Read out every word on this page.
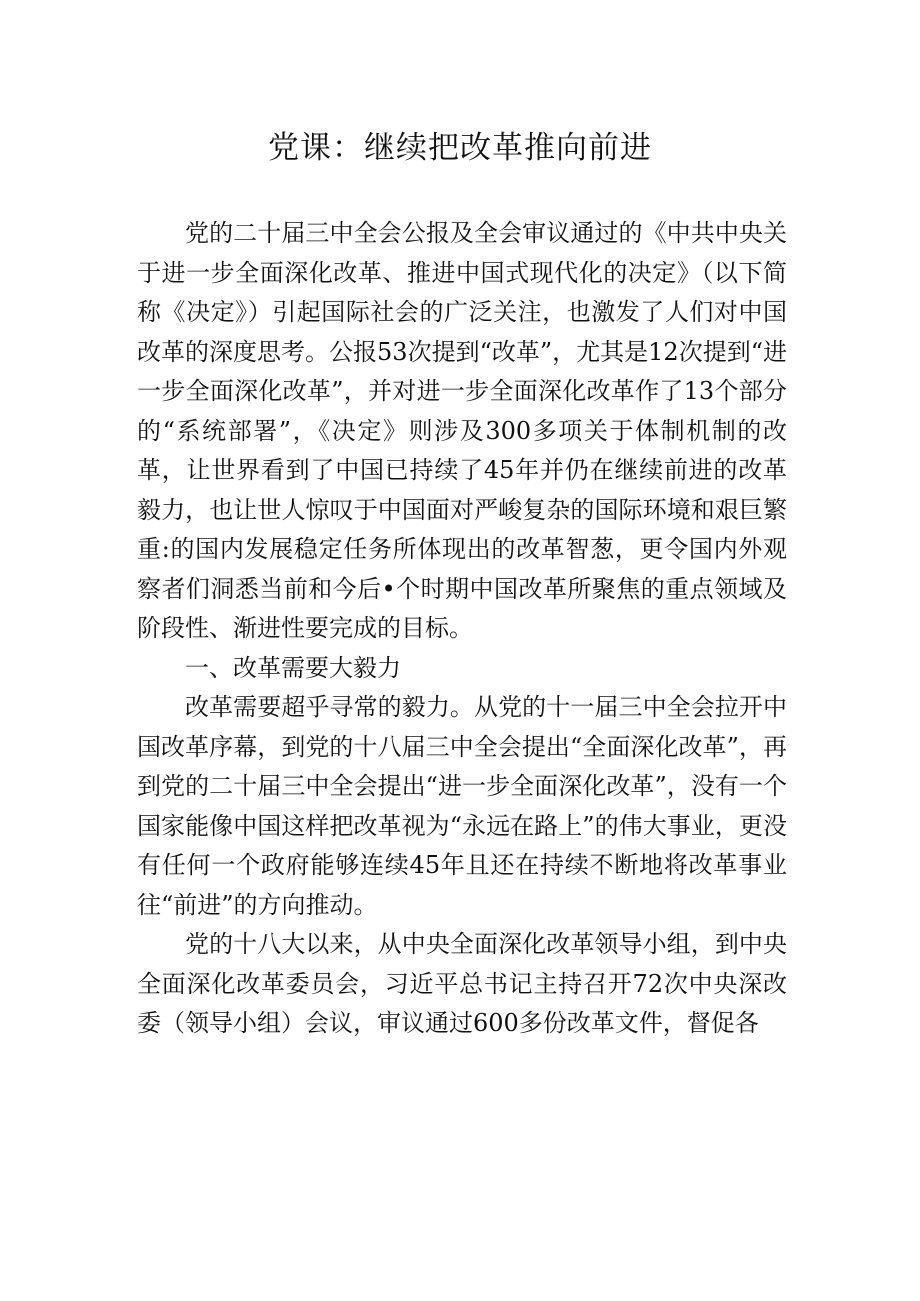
党课：继续把改革推向前进

党的二十届三中全会公报及全会审议通过的《中共中央关于进一步全面深化改革、推进中国式现代化的决定》（以下简称《决定》）引起国际社会的广泛关注，也激发了人们对中国改革的深度思考。公报53次提到“改革”，尤其是12次提到“进一步全面深化改革”，并对进一步全面深化改革作了13个部分的“系统部署”，《决定》则涉及300多项关于体制机制的改革，让世界看到了中国已持续了45年并仍在继续前进的改革毅力，也让世人惊叹于中国面对严峻复杂的国际环境和艰巨繁重:的国内发展稳定任务所体现出的改革智葱，更令国内外观察者们洞悉当前和今后•个时期中国改革所聚焦的重点领域及阶段性、渐进性要完成的目标。

一、改革需要大毅力

改革需要超乎寻常的毅力。从党的十一届三中全会拉开中国改革序幕，到党的十八届三中全会提出“全面深化改革”，再到党的二十届三中全会提出“进一步全面深化改革”，没有一个国家能像中国这样把改革视为“永远在路上”的伟大事业，更没有任何一个政府能够连续45年且还在持续不断地将改革事业往“前进”的方向推动。

党的十八大以来，从中央全面深化改革领导小组，到中央全面深化改革委员会，习近平总书记主持召开72次中央深改委（领导小组）会议，审议通过600多份改革文件，督促各
